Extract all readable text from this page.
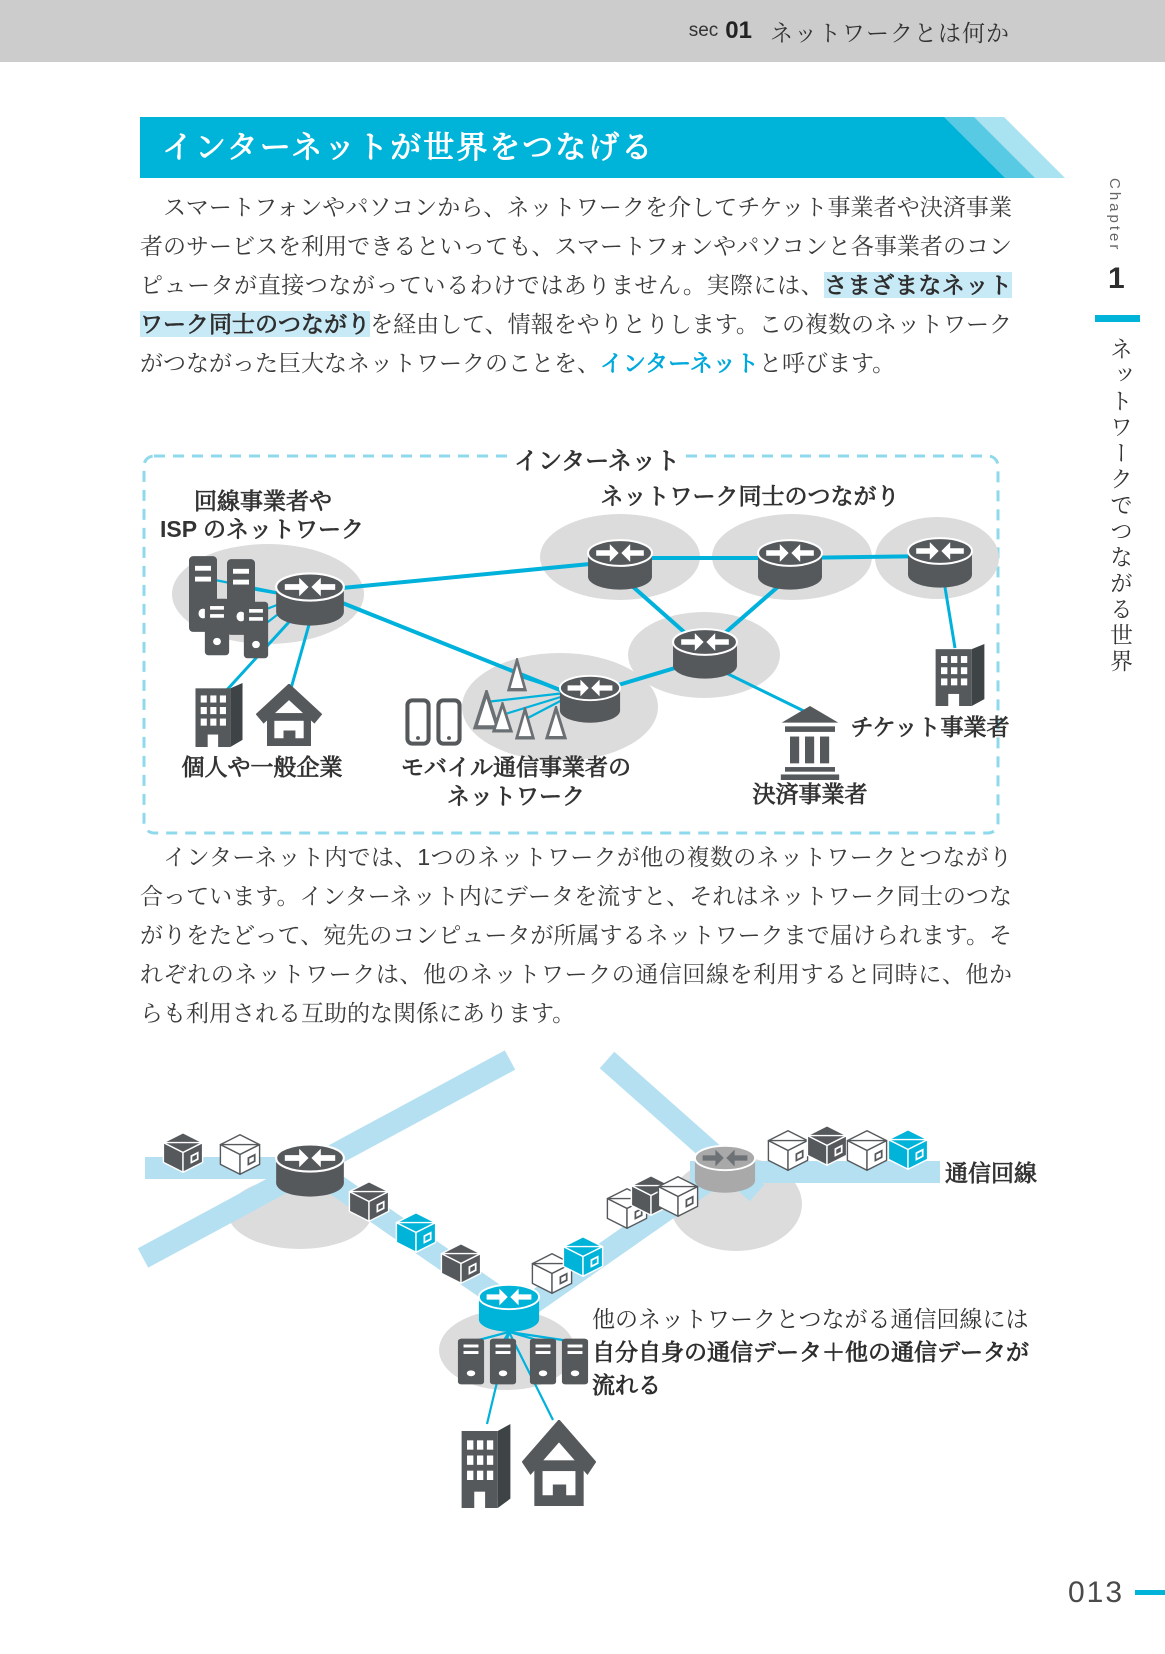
sec 01 ネットワークとは何か
インターネットが世界をつなげる

　スマートフォンやパソコンから、ネットワークを介してチケット事業者や決済事業者のサービスを利用できるといっても、スマートフォンやパソコンと各事業者のコンピュータが直接つながっているわけではありません。実際には、さまざまなネットワーク同士のつながりを経由して、情報をやりとりします。この複数のネットワークがつながった巨大なネットワークのことを、インターネットと呼びます。

インターネット
回線事業者や
ISP のネットワーク
ネットワーク同士のつながり
個人や一般企業	モバイル通信事業者の
ネットワーク	決済事業者
チケット事業者

　インターネット内では、1つのネットワークが他の複数のネットワークとつながり合っています。インターネット内にデータを流すと、それはネットワーク同士のつながりをたどって、宛先のコンピュータが所属するネットワークまで届けられます。それぞれのネットワークは、他のネットワークの通信回線を利用すると同時に、他からも利用される互助的な関係にあります。

通信回線
他のネットワークとつながる通信回線には
自分自身の通信データ＋他の通信データが
流れる
Chapter
1
ネットワークでつながる世界
013
